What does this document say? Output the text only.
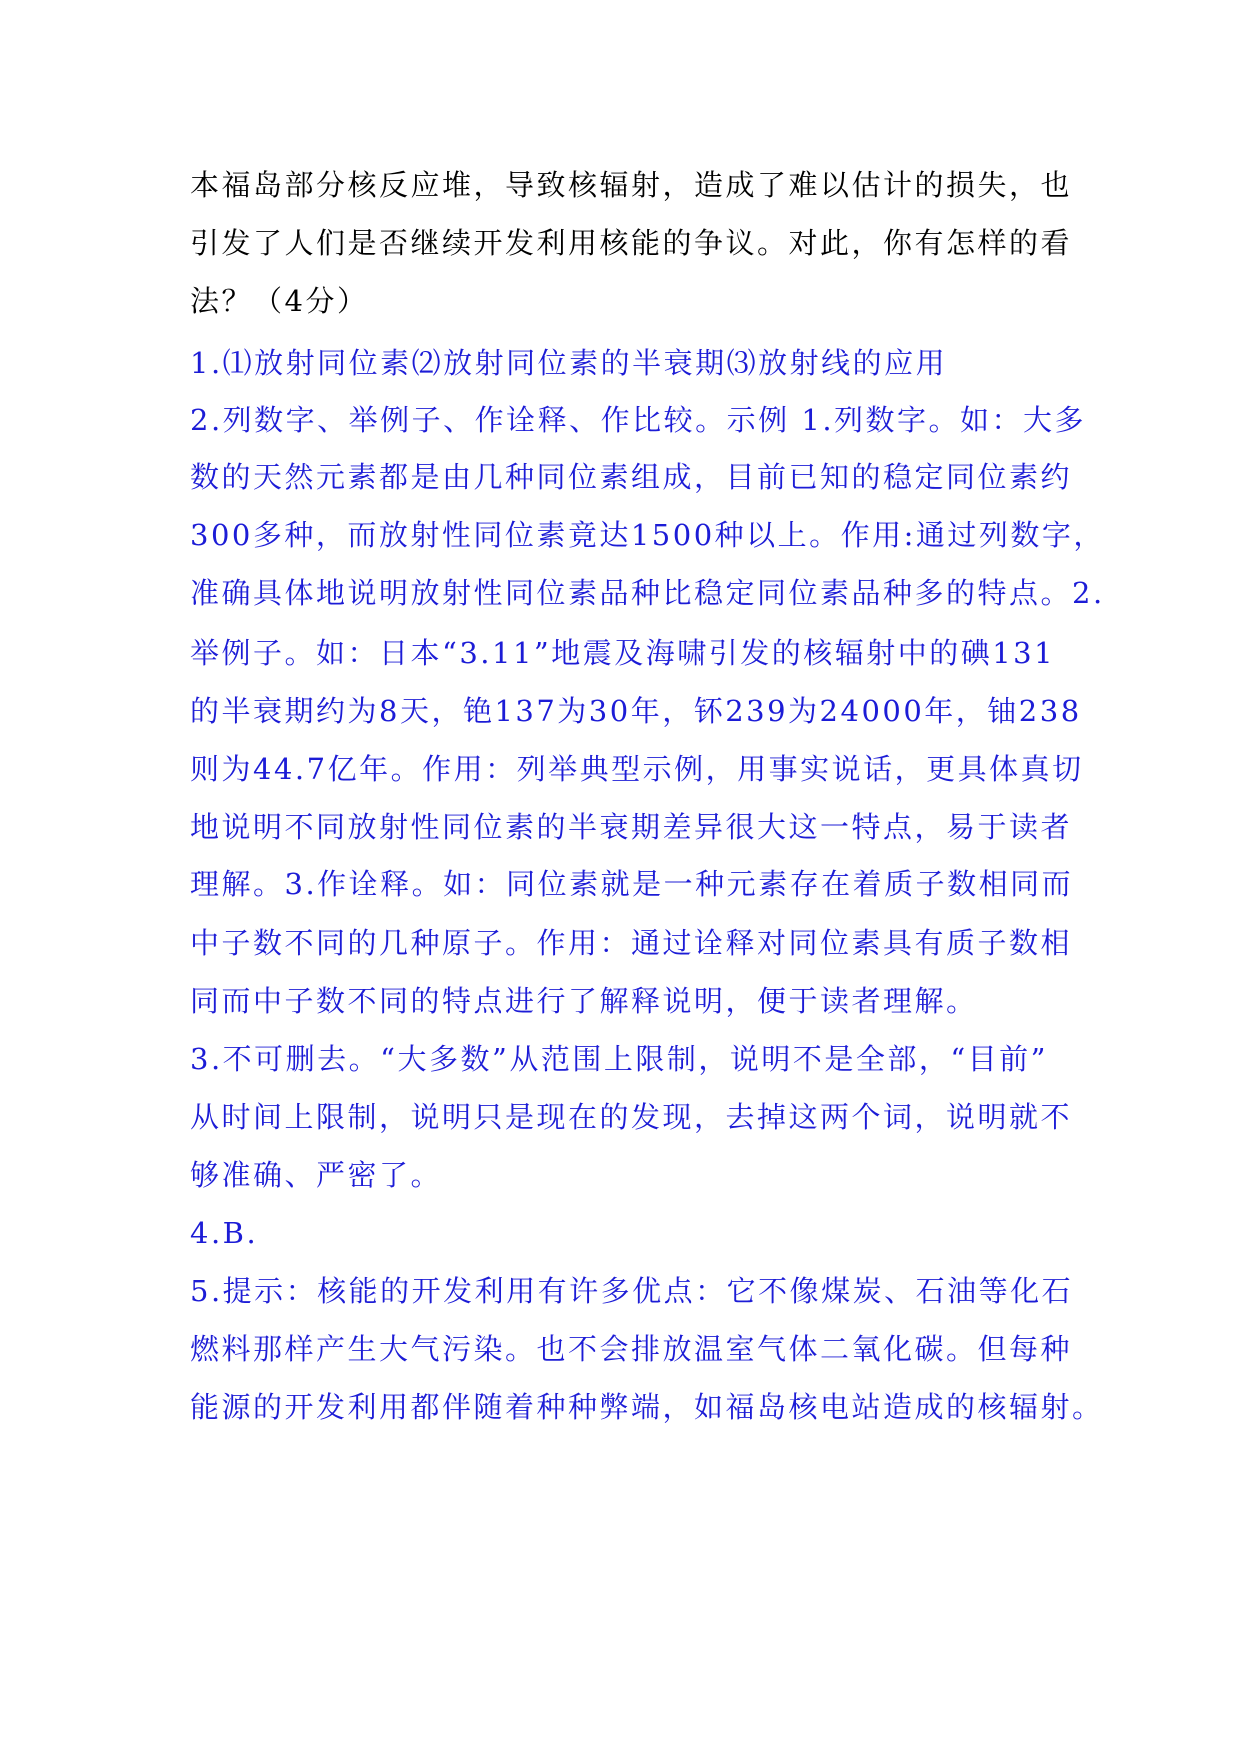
本福岛部分核反应堆，导致核辐射，造成了难以估计的损失，也
引发了人们是否继续开发利用核能的争议。对此，你有怎样的看
法？（4分）
1.⑴放射同位素⑵放射同位素的半衰期⑶放射线的应用
2.列数字、举例子、作诠释、作比较。示例 1.列数字。如：大多
数的天然元素都是由几种同位素组成，目前已知的稳定同位素约
300多种，而放射性同位素竟达1500种以上。作用:通过列数字，
准确具体地说明放射性同位素品种比稳定同位素品种多的特点。2.
举例子。如：日本“3.11”地震及海啸引发的核辐射中的碘131
的半衰期约为8天，铯137为30年，钚239为24000年，铀238
则为44.7亿年。作用：列举典型示例，用事实说话，更具体真切
地说明不同放射性同位素的半衰期差异很大这一特点，易于读者
理解。3.作诠释。如：同位素就是一种元素存在着质子数相同而
中子数不同的几种原子。作用：通过诠释对同位素具有质子数相
同而中子数不同的特点进行了解释说明，便于读者理解。
3.不可删去。“大多数”从范围上限制，说明不是全部，“目前”
从时间上限制，说明只是现在的发现，去掉这两个词，说明就不
够准确、严密了。
4.B.
5.提示：核能的开发利用有许多优点：它不像煤炭、石油等化石
燃料那样产生大气污染。也不会排放温室气体二氧化碳。但每种
能源的开发利用都伴随着种种弊端，如福岛核电站造成的核辐射。
